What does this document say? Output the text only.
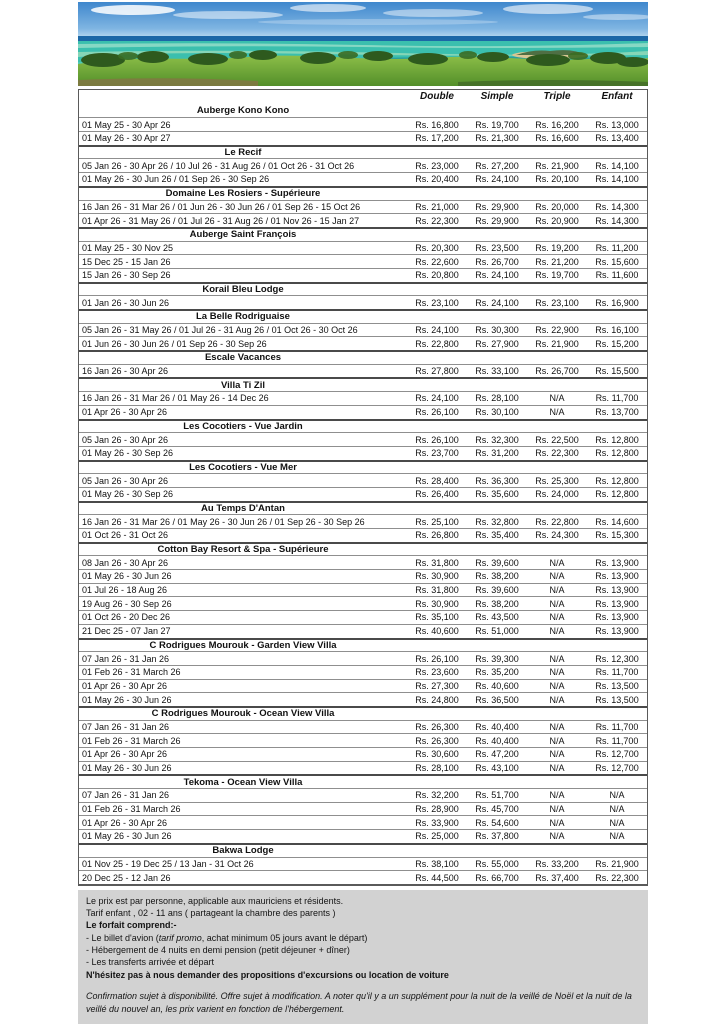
Double	Simple	Triple	Enfant
Auberge Kono Kono
01 May 25 - 30 Apr 26	Rs. 16,800	Rs. 19,700	Rs. 16,200	Rs. 13,000
01 May 26 - 30 Apr 27	Rs. 17,200	Rs. 21,300	Rs. 16,600	Rs. 13,400
Le Recif
05 Jan 26 - 30 Apr 26 / 10 Jul 26 - 31 Aug 26 / 01 Oct 26 - 31 Oct 26	Rs. 23,000	Rs. 27,200	Rs. 21,900	Rs. 14,100
01 May 26 - 30 Jun 26 / 01 Sep 26 - 30 Sep 26	Rs. 20,400	Rs. 24,100	Rs. 20,100	Rs. 14,100
Domaine Les Rosiers - Supérieure
16 Jan 26 - 31 Mar 26 / 01 Jun 26 - 30 Jun 26 / 01 Sep 26 - 15 Oct 26	Rs. 21,000	Rs. 29,900	Rs. 20,000	Rs. 14,300
01 Apr 26 - 31 May 26 / 01 Jul 26 - 31 Aug 26 / 01 Nov 26 - 15 Jan 27	Rs. 22,300	Rs. 29,900	Rs. 20,900	Rs. 14,300
Auberge Saint François
01 May 25 - 30 Nov 25	Rs. 20,300	Rs. 23,500	Rs. 19,200	Rs. 11,200
15 Dec 25 - 15 Jan 26	Rs. 22,600	Rs. 26,700	Rs. 21,200	Rs. 15,600
15 Jan 26 - 30 Sep 26	Rs. 20,800	Rs. 24,100	Rs. 19,700	Rs. 11,600
Korail Bleu Lodge
01 Jan 26 - 30 Jun 26	Rs. 23,100	Rs. 24,100	Rs. 23,100	Rs. 16,900
La Belle Rodriguaise
05 Jan 26 - 31 May 26 / 01 Jul 26 - 31 Aug 26 / 01 Oct 26 - 30 Oct 26	Rs. 24,100	Rs. 30,300	Rs. 22,900	Rs. 16,100
01 Jun 26 - 30 Jun 26 / 01 Sep 26 - 30 Sep 26	Rs. 22,800	Rs. 27,900	Rs. 21,900	Rs. 15,200
Escale Vacances
16 Jan 26 - 30 Apr 26	Rs. 27,800	Rs. 33,100	Rs. 26,700	Rs. 15,500
Villa Ti Zil
16 Jan 26 - 31 Mar 26 / 01 May 26 - 14 Dec 26	Rs. 24,100	Rs. 28,100	N/A	Rs. 11,700
01 Apr 26 - 30 Apr 26	Rs. 26,100	Rs. 30,100	N/A	Rs. 13,700
Les Cocotiers - Vue Jardin
05 Jan 26 - 30 Apr 26	Rs. 26,100	Rs. 32,300	Rs. 22,500	Rs. 12,800
01 May 26 - 30 Sep 26	Rs. 23,700	Rs. 31,200	Rs. 22,300	Rs. 12,800
Les Cocotiers - Vue Mer
05 Jan 26 - 30 Apr 26	Rs. 28,400	Rs. 36,300	Rs. 25,300	Rs. 12,800
01 May 26 - 30 Sep 26	Rs. 26,400	Rs. 35,600	Rs. 24,000	Rs. 12,800
Au Temps D'Antan
16 Jan 26 - 31 Mar 26 / 01 May 26 - 30 Jun 26 / 01 Sep 26 - 30 Sep 26	Rs. 25,100	Rs. 32,800	Rs. 22,800	Rs. 14,600
01 Oct 26 - 31 Oct 26	Rs. 26,800	Rs. 35,400	Rs. 24,300	Rs. 15,300
Cotton Bay Resort & Spa - Supérieure
08 Jan 26 - 30 Apr 26	Rs. 31,800	Rs. 39,600	N/A	Rs. 13,900
01 May 26 - 30 Jun 26	Rs. 30,900	Rs. 38,200	N/A	Rs. 13,900
01 Jul 26 - 18 Aug 26	Rs. 31,800	Rs. 39,600	N/A	Rs. 13,900
19 Aug 26 - 30 Sep 26	Rs. 30,900	Rs. 38,200	N/A	Rs. 13,900
01 Oct 26 - 20 Dec 26	Rs. 35,100	Rs. 43,500	N/A	Rs. 13,900
21 Dec 25 - 07 Jan 27	Rs. 40,600	Rs. 51,000	N/A	Rs. 13,900
C Rodrigues Mourouk - Garden View Villa
07 Jan 26 - 31 Jan 26	Rs. 26,100	Rs. 39,300	N/A	Rs. 12,300
01 Feb 26 - 31 March 26	Rs. 23,600	Rs. 35,200	N/A	Rs. 11,700
01 Apr 26 - 30 Apr 26	Rs. 27,300	Rs. 40,600	N/A	Rs. 13,500
01 May 26 - 30 Jun 26	Rs. 24,800	Rs. 36,500	N/A	Rs. 13,500
C Rodrigues Mourouk - Ocean View Villa
07 Jan 26 - 31 Jan 26	Rs. 26,300	Rs. 40,400	N/A	Rs. 11,700
01 Feb 26 - 31 March 26	Rs. 26,300	Rs. 40,400	N/A	Rs. 11,700
01 Apr 26 - 30 Apr 26	Rs. 30,600	Rs. 47,200	N/A	Rs. 12,700
01 May 26 - 30 Jun 26	Rs. 28,100	Rs. 43,100	N/A	Rs. 12,700
Tekoma - Ocean View Villa
07 Jan 26 - 31 Jan 26	Rs. 32,200	Rs. 51,700	N/A	N/A
01 Feb 26 - 31 March 26	Rs. 28,900	Rs. 45,700	N/A	N/A
01 Apr 26 - 30 Apr 26	Rs. 33,900	Rs. 54,600	N/A	N/A
01 May 26 - 30 Jun 26	Rs. 25,000	Rs. 37,800	N/A	N/A
Bakwa Lodge
01 Nov 25 - 19 Dec 25 / 13 Jan - 31 Oct 26	Rs. 38,100	Rs. 55,000	Rs. 33,200	Rs. 21,900
20 Dec 25 - 12 Jan 26	Rs. 44,500	Rs. 66,700	Rs. 37,400	Rs. 22,300
Le prix est par personne, applicable aux mauriciens et résidents.
Tarif enfant , 02 - 11 ans ( partageant la chambre des parents )
Le forfait comprend:-
- Le billet d'avion (tarif promo, achat minimum 05 jours avant le départ)
- Hébergement de 4 nuits en demi pension (petit déjeuner + dîner)
- Les transferts arrivée et départ
N'hésitez pas à nous demander des propositions d'excursions ou location de voiture
Confirmation sujet à disponibilité. Offre sujet à modification. A noter qu'il y a un supplément pour la nuit de la veillé de Noël et la nuit de la veillé du nouvel an, les prix varient en fonction de l'hébergement.
